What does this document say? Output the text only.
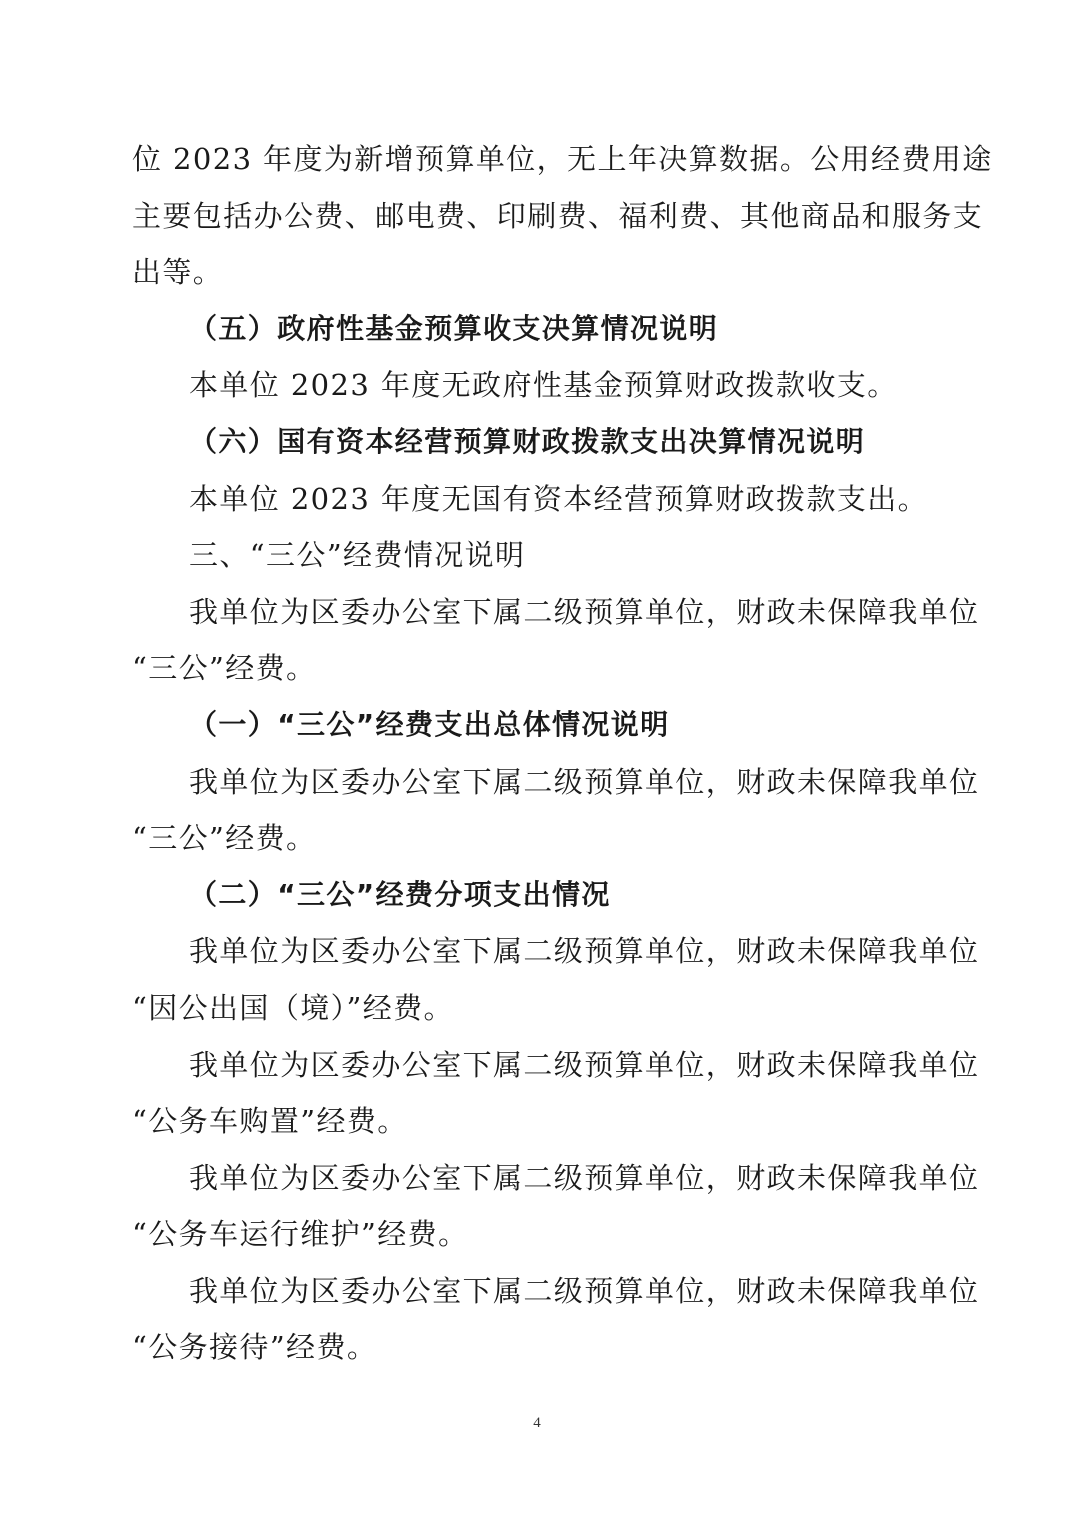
位 2023 年度为新增预算单位，无上年决算数据。公用经费用途
主要包括办公费、邮电费、印刷费、福利费、其他商品和服务支
出等。
（五）政府性基金预算收支决算情况说明
本单位 2023 年度无政府性基金预算财政拨款收支。
（六）国有资本经营预算财政拨款支出决算情况说明
本单位 2023 年度无国有资本经营预算财政拨款支出。
三、“三公”经费情况说明
我单位为区委办公室下属二级预算单位，财政未保障我单位
“三公”经费。
（一）“三公”经费支出总体情况说明
我单位为区委办公室下属二级预算单位，财政未保障我单位
“三公”经费。
（二）“三公”经费分项支出情况
我单位为区委办公室下属二级预算单位，财政未保障我单位
“因公出国（境）”经费。
我单位为区委办公室下属二级预算单位，财政未保障我单位
“公务车购置”经费。
我单位为区委办公室下属二级预算单位，财政未保障我单位
“公务车运行维护”经费。
我单位为区委办公室下属二级预算单位，财政未保障我单位
“公务接待”经费。
4
